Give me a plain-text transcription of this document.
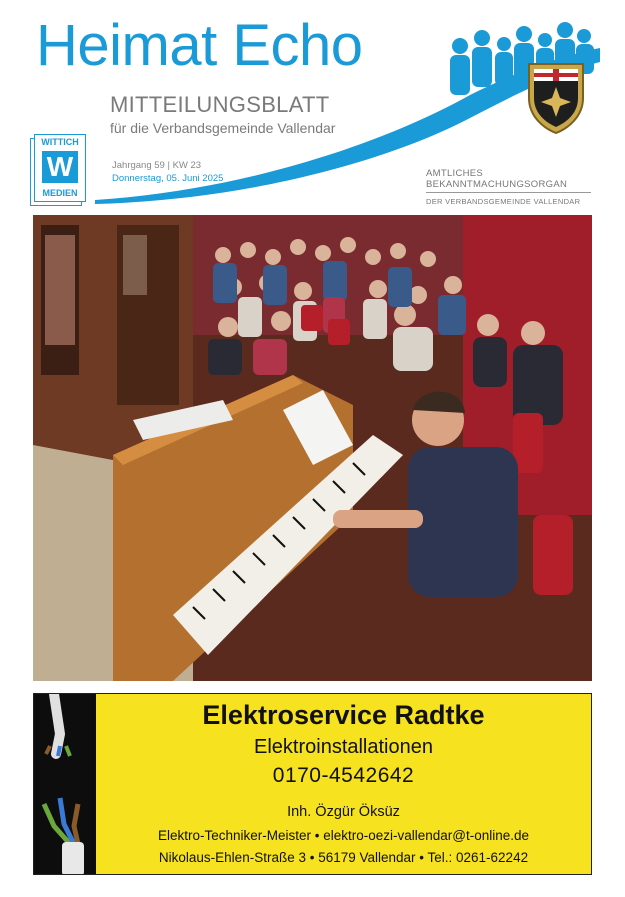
Heimat Echo
MITTEILUNGSBLATT
für die Verbandsgemeinde Vallendar
WITTICH
W
MEDIEN
Jahrgang 59 | KW 23
Donnerstag, 05. Juni 2025	AMTLICHES
BEKANNTMACHUNGSORGAN
DER VERBANDSGEMEINDE VALLENDAR
Elektroservice Radtke
Elektroinstallationen
0170-4542642
Inh. Özgür Öksüz
Elektro-Techniker-Meister • elektro-oezi-vallendar@t-online.de
Nikolaus-Ehlen-Straße 3 • 56179 Vallendar • Tel.: 0261-62242
